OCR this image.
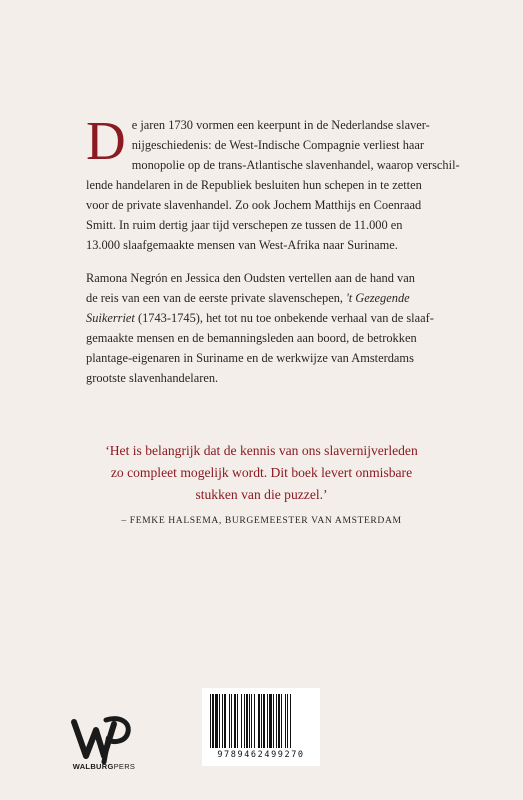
D e jaren 1730 vormen een keerpunt in de Nederlandse slaver-
nijgeschiedenis: de West-Indische Compagnie verliest haar
monopolie op de trans-Atlantische slavenhandel, waarop verschil-
lende handelaren in de Republiek besluiten hun schepen in te zetten
voor de private slavenhandel. Zo ook Jochem Matthijs en Coenraad
Smitt. In ruim dertig jaar tijd verschepen ze tussen de 11.000 en
13.000 slaafgemaakte mensen van West-Afrika naar Suriname.
Ramona Negrón en Jessica den Oudsten vertellen aan de hand van
de reis van een van de eerste private slavenschepen, 't Gezegende
Suikerriet (1743-1745), het tot nu toe onbekende verhaal van de slaaf-
gemaakte mensen en de bemanningsleden aan boord, de betrokken
plantage-eigenaren in Suriname en de werkwijze van Amsterdams
grootste slavenhandelaren.
‘Het is belangrijk dat de kennis van ons slavernijverleden
zo compleet mogelijk wordt. Dit boek levert onmisbare
stukken van die puzzel.’
– FEMKE HALSEMA, BURGEMEESTER VAN AMSTERDAM
WALBURGPERS
9789462499270
